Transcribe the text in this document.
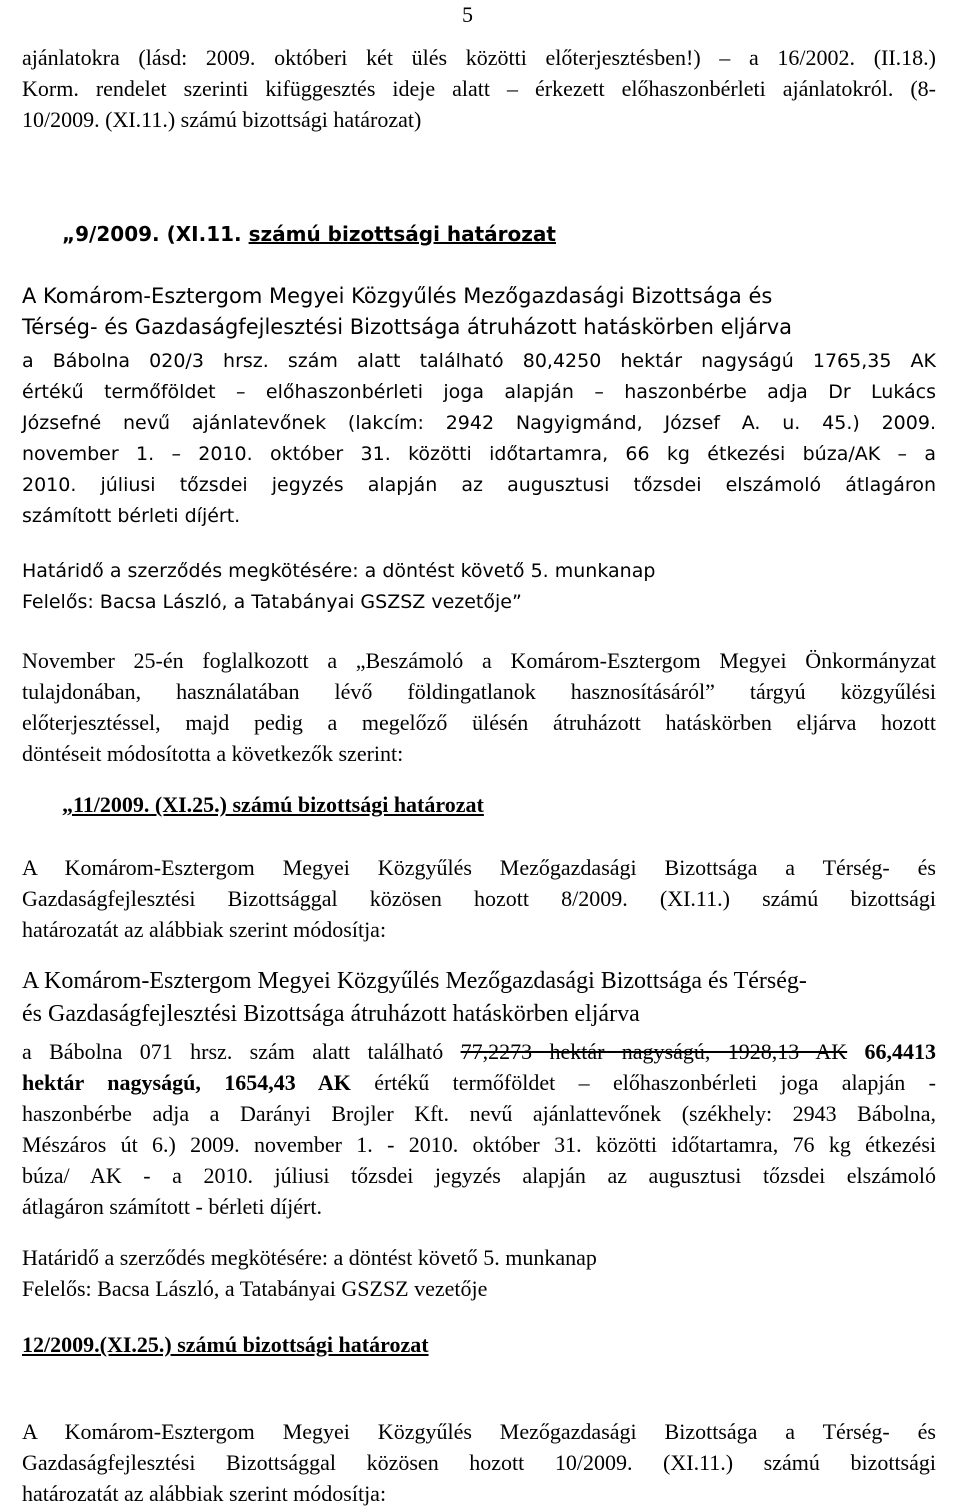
5
ajánlatokra (lásd: 2009. októberi két ülés közötti előterjesztésben!) – a 16/2002. (II.18.)
Korm. rendelet szerinti kifüggesztés ideje alatt – érkezett előhaszonbérleti ajánlatokról. (8-
10/2009. (XI.11.) számú bizottsági határozat)
„9/2009. (XI.11. számú bizottsági határozat
A Komárom-Esztergom Megyei Közgyűlés Mezőgazdasági Bizottsága és
Térség- és Gazdaságfejlesztési Bizottsága átruházott hatáskörben eljárva
a Bábolna 020/3 hrsz. szám alatt található 80,4250 hektár nagyságú 1765,35 AK
értékű termőföldet – előhaszonbérleti joga alapján – haszonbérbe adja Dr Lukács
Józsefné nevű ajánlatevőnek (lakcím: 2942 Nagyigmánd, József A. u. 45.) 2009.
november 1. – 2010. október 31. közötti időtartamra, 66 kg étkezési búza/AK – a
2010. júliusi tőzsdei jegyzés alapján az augusztusi tőzsdei elszámoló átlagáron
számított bérleti díjért.
Határidő a szerződés megkötésére: a döntést követő 5. munkanap
Felelős: Bacsa László, a Tatabányai GSZSZ vezetője”
November 25-én foglalkozott a „Beszámoló a Komárom-Esztergom Megyei Önkormányzat
tulajdonában, használatában lévő földingatlanok hasznosításáról” tárgyú közgyűlési
előterjesztéssel, majd pedig a megelőző ülésén átruházott hatáskörben eljárva hozott
döntéseit módosította a következők szerint:
„11/2009. (XI.25.) számú bizottsági határozat
A Komárom-Esztergom Megyei Közgyűlés Mezőgazdasági Bizottsága a Térség- és
Gazdaságfejlesztési Bizottsággal közösen hozott 8/2009. (XI.11.) számú bizottsági
határozatát az alábbiak szerint módosítja:
A Komárom-Esztergom Megyei Közgyűlés Mezőgazdasági Bizottsága és Térség-
és Gazdaságfejlesztési Bizottsága átruházott hatáskörben eljárva
a Bábolna 071 hrsz. szám alatt található 77,2273 hektár nagyságú, 1928,13 AK 66,4413
hektár nagyságú, 1654,43 AK értékű termőföldet – előhaszonbérleti joga alapján -
haszonbérbe adja a Darányi Brojler Kft. nevű ajánlattevőnek (székhely: 2943 Bábolna,
Mészáros út 6.) 2009. november 1. - 2010. október 31. közötti időtartamra, 76 kg étkezési
búza/ AK - a 2010. júliusi tőzsdei jegyzés alapján az augusztusi tőzsdei elszámoló
átlagáron számított - bérleti díjért.
Határidő a szerződés megkötésére: a döntést követő 5. munkanap
Felelős: Bacsa László, a Tatabányai GSZSZ vezetője
12/2009.(XI.25.) számú bizottsági határozat
A Komárom-Esztergom Megyei Közgyűlés Mezőgazdasági Bizottsága a Térség- és
Gazdaságfejlesztési Bizottsággal közösen hozott 10/2009. (XI.11.) számú bizottsági
határozatát az alábbiak szerint módosítja:
